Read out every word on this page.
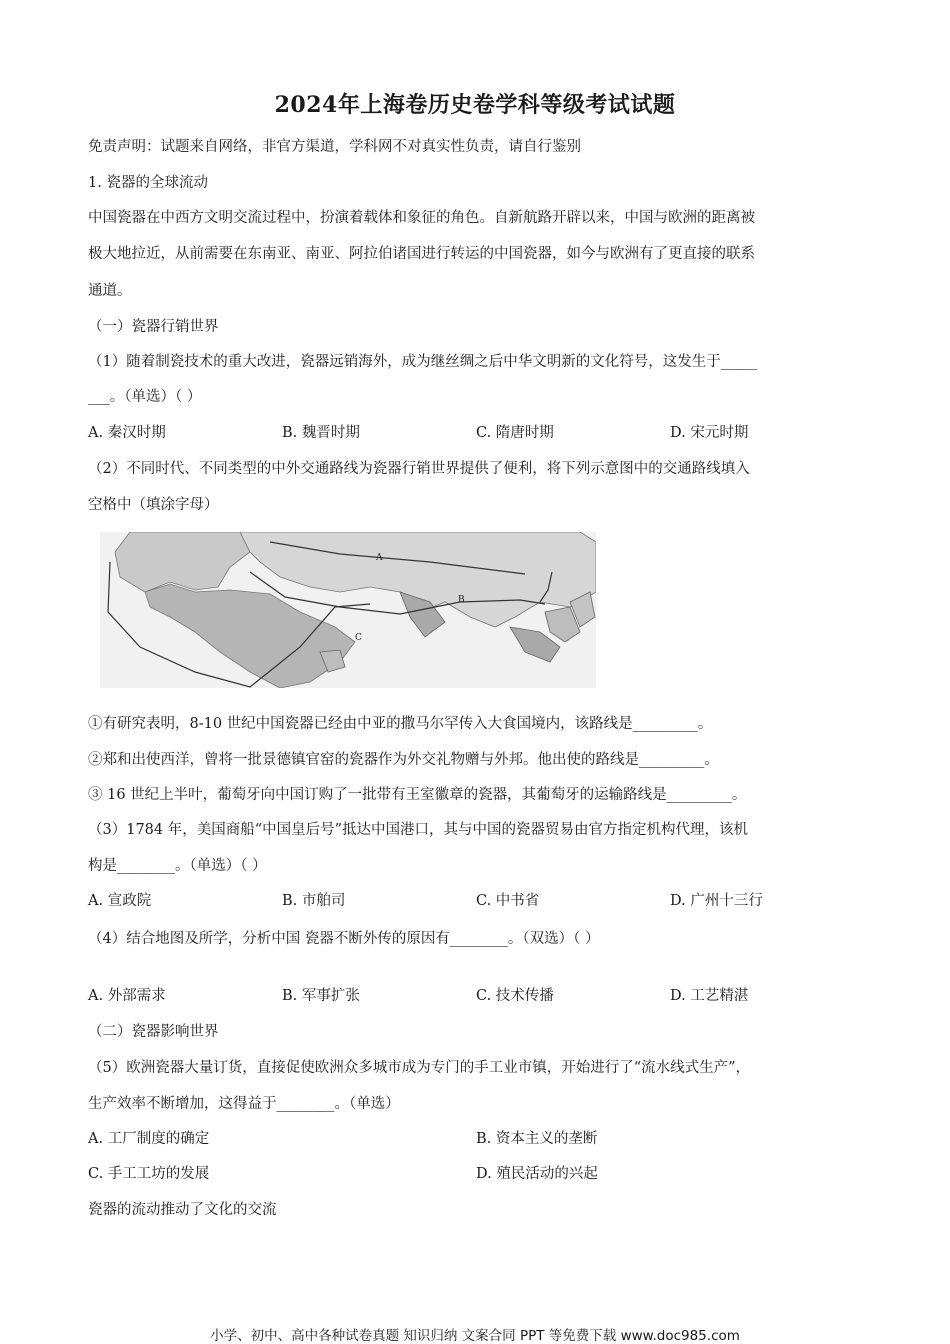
2024年上海卷历史卷学科等级考试试题
免责声明：试题来自网络，非官方渠道，学科网不对真实性负责，请自行鉴别
1. 瓷器的全球流动
中国瓷器在中西方文明交流过程中，扮演着载体和象征的角色。自新航路开辟以来，中国与欧洲的距离被
极大地拉近，从前需要在东南亚、南亚、阿拉伯诸国进行转运的中国瓷器，如今与欧洲有了更直接的联系
通道。
（一）瓷器行销世界
（1）随着制瓷技术的重大改进，瓷器远销海外，成为继丝绸之后中华文明新的文化符号，这发生于_____
___。（单选）（ ）
A. 秦汉时期	B. 魏晋时期	C. 隋唐时期	D. 宋元时期
（2）不同时代、不同类型的中外交通路线为瓷器行销世界提供了便利，将下列示意图中的交通路线填入
空格中（填涂字母）
A
B
C
①有研究表明，8-10 世纪中国瓷器已经由中亚的撒马尔罕传入大食国境内，该路线是_________。
②郑和出使西洋，曾将一批景德镇官窑的瓷器作为外交礼物赠与外邦。他出使的路线是_________。
③ 16 世纪上半叶，葡萄牙向中国订购了一批带有王室徽章的瓷器，其葡萄牙的运输路线是_________。
（3）1784 年，美国商船“中国皇后号”抵达中国港口，其与中国的瓷器贸易由官方指定机构代理，该机
构是________。（单选）（ ）
A. 宣政院	B. 市舶司	C. 中书省	D. 广州十三行
（4）结合地图及所学，分析中国 瓷器不断外传的原因有________。（双选）（ ）
A. 外部需求	B. 军事扩张	C. 技术传播	D. 工艺精湛
（二）瓷器影响世界
（5）欧洲瓷器大量订货，直接促使欧洲众多城市成为专门的手工业市镇，开始进行了“流水线式生产”，
生产效率不断增加，这得益于________。（单选）
A. 工厂制度的确定	B. 资本主义的垄断
C. 手工工坊的发展	D. 殖民活动的兴起
瓷器的流动推动了文化的交流
小学、初中、高中各种试卷真题 知识归纳 文案合同 PPT 等免费下载 www.doc985.com
